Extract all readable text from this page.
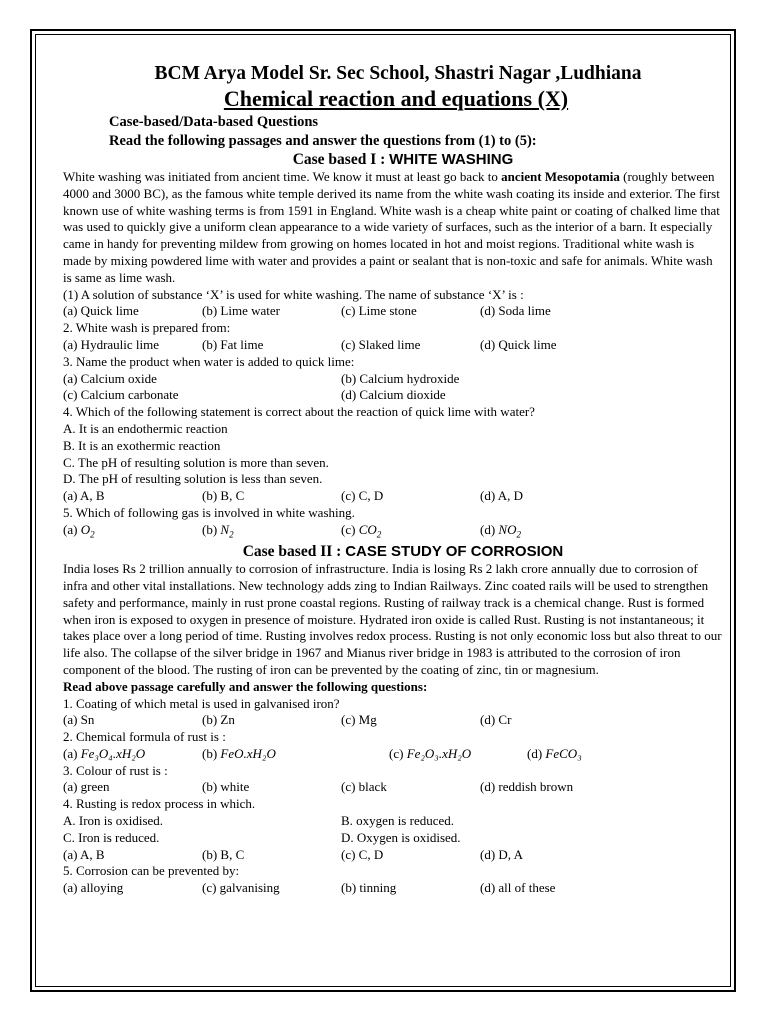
BCM Arya Model Sr. Sec School, Shastri Nagar ,Ludhiana
Chemical reaction and equations (X)
Case-based/Data-based Questions
Read the following passages and answer the questions from (1) to (5):
Case based I : WHITE WASHING

White washing was initiated from ancient time. We know it must at least go back to ancient Mesopotamia (roughly between 4000 and 3000 BC), as the famous white temple derived its name from the white wash coating its inside and exterior. The first known use of white washing terms is from 1591 in England. White wash is a cheap white paint or coating of chalked lime that was used to quickly give a uniform clean appearance to a wide variety of surfaces, such as the interior of a barn. It especially came in handy for preventing mildew from growing on homes located in hot and moist regions. Traditional white wash is made by mixing powdered lime with water and provides a paint or sealant that is non-toxic and safe for animals. White wash is same as lime wash.

(1) A solution of substance ‘X’ is used for white washing. The name of substance ‘X’ is :
(a) Quick lime	(b) Lime water	(c) Lime stone	(d) Soda lime
2. White wash is prepared from:
(a) Hydraulic lime	(b) Fat lime	(c) Slaked lime	(d) Quick lime
3. Name the product when water is added to quick lime:
(a) Calcium oxide	(b) Calcium hydroxide
(c) Calcium carbonate	(d) Calcium dioxide
4. Which of the following statement is correct about the reaction of quick lime with water?
A. It is an endothermic reaction
B. It is an exothermic reaction
C. The pH of resulting solution is more than seven.
D. The pH of resulting solution is less than seven.
(a) A, B	(b) B, C	(c) C, D	(d) A, D
5. Which of following gas is involved in white washing.
(a) $O_2$	(b) $N_2$	(c) $CO_2$	(d) $NO_2$
Case based II : CASE STUDY OF CORROSION

India loses Rs 2 trillion annually to corrosion of infrastructure. India is losing Rs 2 lakh crore annually due to corrosion of infra and other vital installations. New technology adds zing to Indian Railways. Zinc coated rails will be used to strengthen safety and performance, mainly in rust prone coastal regions. Rusting of railway track is a chemical change. Rust is formed when iron is exposed to oxygen in presence of moisture. Hydrated iron oxide is called Rust. Rusting is not instantaneous; it takes place over a long period of time. Rusting involves redox process. Rusting is not only economic loss but also threat to our life also. The collapse of the silver bridge in 1967 and Mianus river bridge in 1983 is attributed to the corrosion of iron component of the blood. The rusting of iron can be prevented by the coating of zinc, tin or magnesium.

Read above passage carefully and answer the following questions:
1. Coating of which metal is used in galvanised iron?
(a) Sn	(b) Zn	(c) Mg	(d) Cr
2. Chemical formula of rust is :
(a) Fe₃O₄.xH₂O	(b) FeO.xH₂O	(c) Fe₂O₃.xH₂O	(d) FeCO₃
3. Colour of rust is :
(a) green	(b) white	(c) black	(d) reddish brown
4. Rusting is redox process in which.
A. Iron is oxidised.	B. oxygen is reduced.
C. Iron is reduced.	D. Oxygen is oxidised.
(a) A, B	(b) B, C	(c) C, D	(d) D, A
5. Corrosion can be prevented by:
(a) alloying	(c) galvanising	(b) tinning	(d) all of these
